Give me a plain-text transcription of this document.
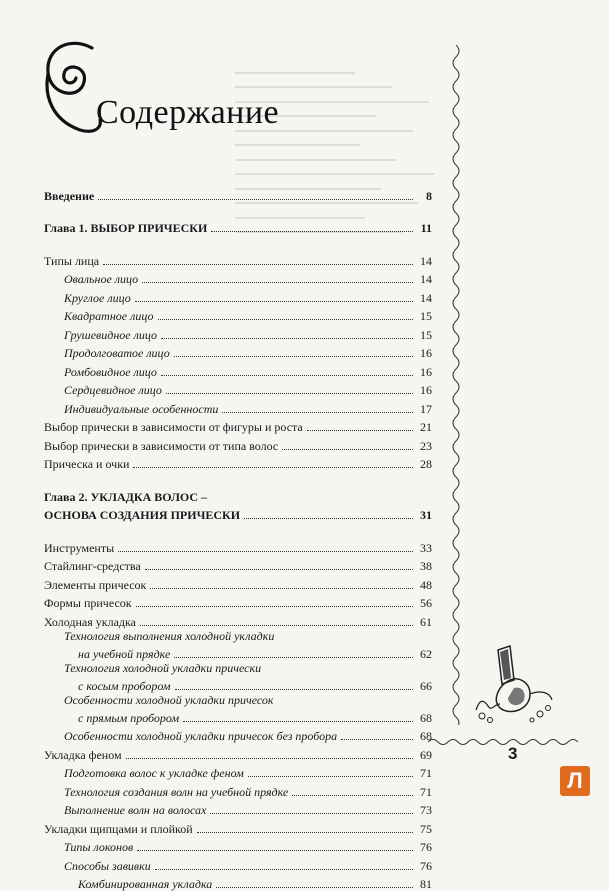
Содержание
Введение	8
Глава 1. ВЫБОР ПРИЧЕСКИ	11
Типы лица	14
Овальное лицо	14
Круглое лицо	14
Квадратное лицо	15
Грушевидное лицо	15
Продолговатое лицо	16
Ромбовидное лицо	16
Сердцевидное лицо	16
Индивидуальные особенности	17
Выбор прически в зависимости от фигуры и роста	21
Выбор прически в зависимости от типа волос	23
Прическа и очки	28
Глава 2. УКЛАДКА ВОЛОС –
ОСНОВА СОЗДАНИЯ ПРИЧЕСКИ	31
Инструменты	33
Стайлинг-средства	38
Элементы причесок	48
Формы причесок	56
Холодная укладка	61
Технология выполнения холодной укладки
на учебной прядке	62
Технология холодной укладки прически
с косым пробором	66
Особенности холодной укладки причесок
с прямым пробором	68
Особенности холодной укладки причесок без пробора	68
Укладка феном	69
Подготовка волос к укладке феном	71
Технология создания волн на учебной прядке	71
Выполнение волн на волосах	73
Укладки щипцами и плойкой	75
Типы локонов	76
Способы завивки	76
Комбинированная укладка	81
3
Л
